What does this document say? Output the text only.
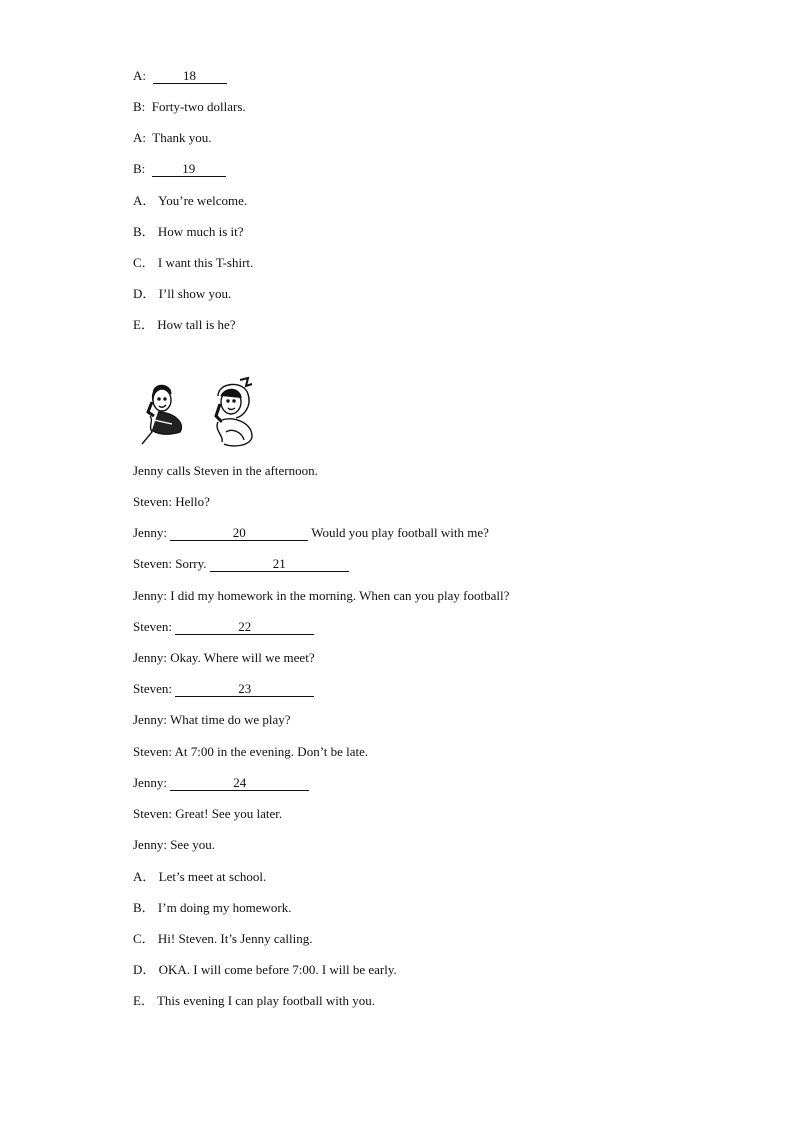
A:	18
B: Forty-two dollars.
A: Thank you.
B:	19
A． You’re welcome.
B． How much is it?
C． I want this T-shirt.
D． I’ll show you.
E． How tall is he?
Jenny calls Steven in the afternoon.
Steven: Hello?
Jenny:	20	Would you play football with me?
Steven: Sorry.	21
Jenny: I did my homework in the morning. When can you play football?
Steven:	22
Jenny: Okay. Where will we meet?
Steven:	23
Jenny: What time do we play?
Steven: At 7:00 in the evening. Don’t be late.
Jenny:	24
Steven: Great! See you later.
Jenny: See you.
A． Let’s meet at school.
B． I’m doing my homework.
C． Hi! Steven. It’s Jenny calling.
D． OKA. I will come before 7:00. I will be early.
E． This evening I can play football with you.
